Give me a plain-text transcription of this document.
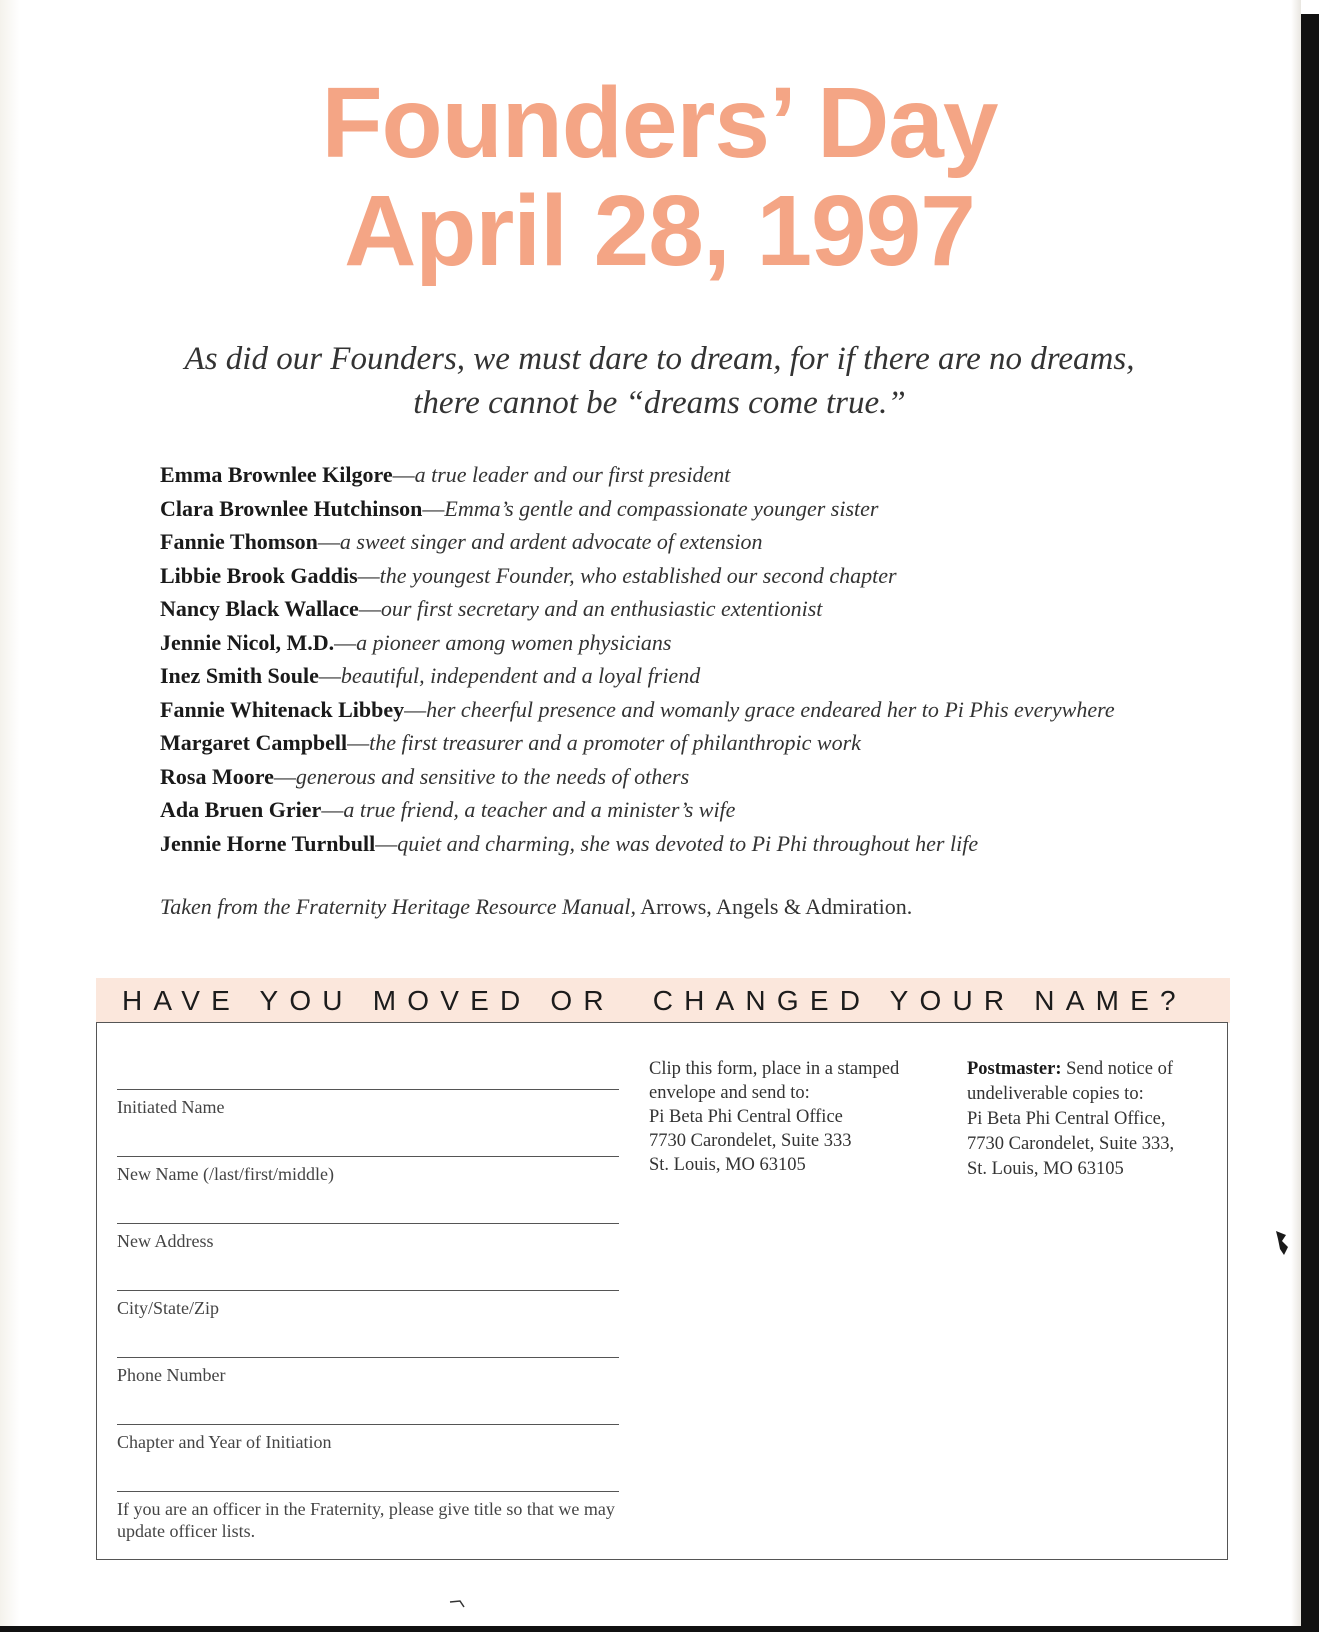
Founders’ Day
April 28, 1997
As did our Founders, we must dare to dream, for if there are no dreams,
there cannot be “dreams come true.”
Emma Brownlee Kilgore—a true leader and our first president
Clara Brownlee Hutchinson—Emma’s gentle and compassionate younger sister
Fannie Thomson—a sweet singer and ardent advocate of extension
Libbie Brook Gaddis—the youngest Founder, who established our second chapter
Nancy Black Wallace—our first secretary and an enthusiastic extentionist
Jennie Nicol, M.D.—a pioneer among women physicians
Inez Smith Soule—beautiful, independent and a loyal friend
Fannie Whitenack Libbey—her cheerful presence and womanly grace endeared her to Pi Phis everywhere
Margaret Campbell—the first treasurer and a promoter of philanthropic work
Rosa Moore—generous and sensitive to the needs of others
Ada Bruen Grier—a true friend, a teacher and a minister’s wife
Jennie Horne Turnbull—quiet and charming, she was devoted to Pi Phi throughout her life
Taken from the Fraternity Heritage Resource Manual, Arrows, Angels & Admiration.
HAVE YOU MOVED OR  CHANGED YOUR NAME?
Initiated Name
New Name (/last/first/middle)
New Address
City/State/Zip
Phone Number
Chapter and Year of Initiation
If you are an officer in the Fraternity, please give title so that we may update officer lists.
Clip this form, place in a stamped
envelope and send to:
Pi Beta Phi Central Office
7730 Carondelet, Suite 333
St. Louis, MO 63105
Postmaster: Send notice of
undeliverable copies to:
Pi Beta Phi Central Office,
7730 Carondelet, Suite 333,
St. Louis, MO 63105
